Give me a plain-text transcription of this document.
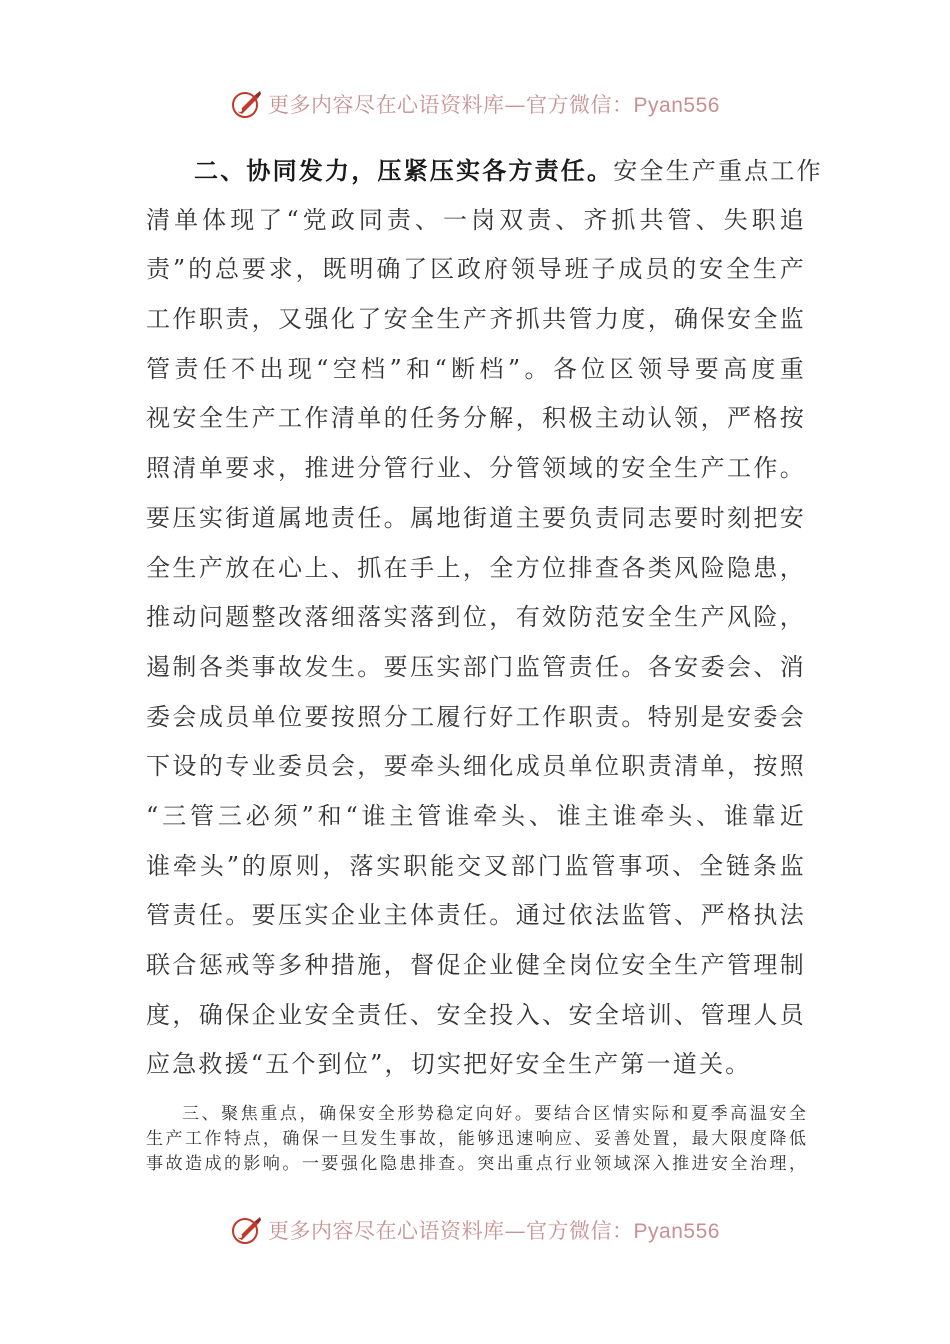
更多内容尽在心语资料库—官方微信：Pyan556
二、协同发力，压紧压实各方责任。安全生产重点工作
清单体现了“党政同责、一岗双责、齐抓共管、失职追
责”的总要求，既明确了区政府领导班子成员的安全生产
工作职责，又强化了安全生产齐抓共管力度，确保安全监
管责任不出现“空档”和“断档”。各位区领导要高度重
视安全生产工作清单的任务分解，积极主动认领，严格按
照清单要求，推进分管行业、分管领域的安全生产工作。
要压实街道属地责任。属地街道主要负责同志要时刻把安
全生产放在心上、抓在手上，全方位排查各类风险隐患，
推动问题整改落细落实落到位，有效防范安全生产风险，
遏制各类事故发生。要压实部门监管责任。各安委会、消
委会成员单位要按照分工履行好工作职责。特别是安委会
下设的专业委员会，要牵头细化成员单位职责清单，按照
“三管三必须”和“谁主管谁牵头、谁主谁牵头、谁靠近
谁牵头”的原则，落实职能交叉部门监管事项、全链条监
管责任。要压实企业主体责任。通过依法监管、严格执法
联合惩戒等多种措施，督促企业健全岗位安全生产管理制
度，确保企业安全责任、安全投入、安全培训、管理人员
应急救援“五个到位”，切实把好安全生产第一道关。
三、聚焦重点，确保安全形势稳定向好。要结合区情实际和夏季高温安全
生产工作特点，确保一旦发生事故，能够迅速响应、妥善处置，最大限度降低
事故造成的影响。一要强化隐患排查。突出重点行业领域深入推进安全治理，
更多内容尽在心语资料库—官方微信：Pyan556
